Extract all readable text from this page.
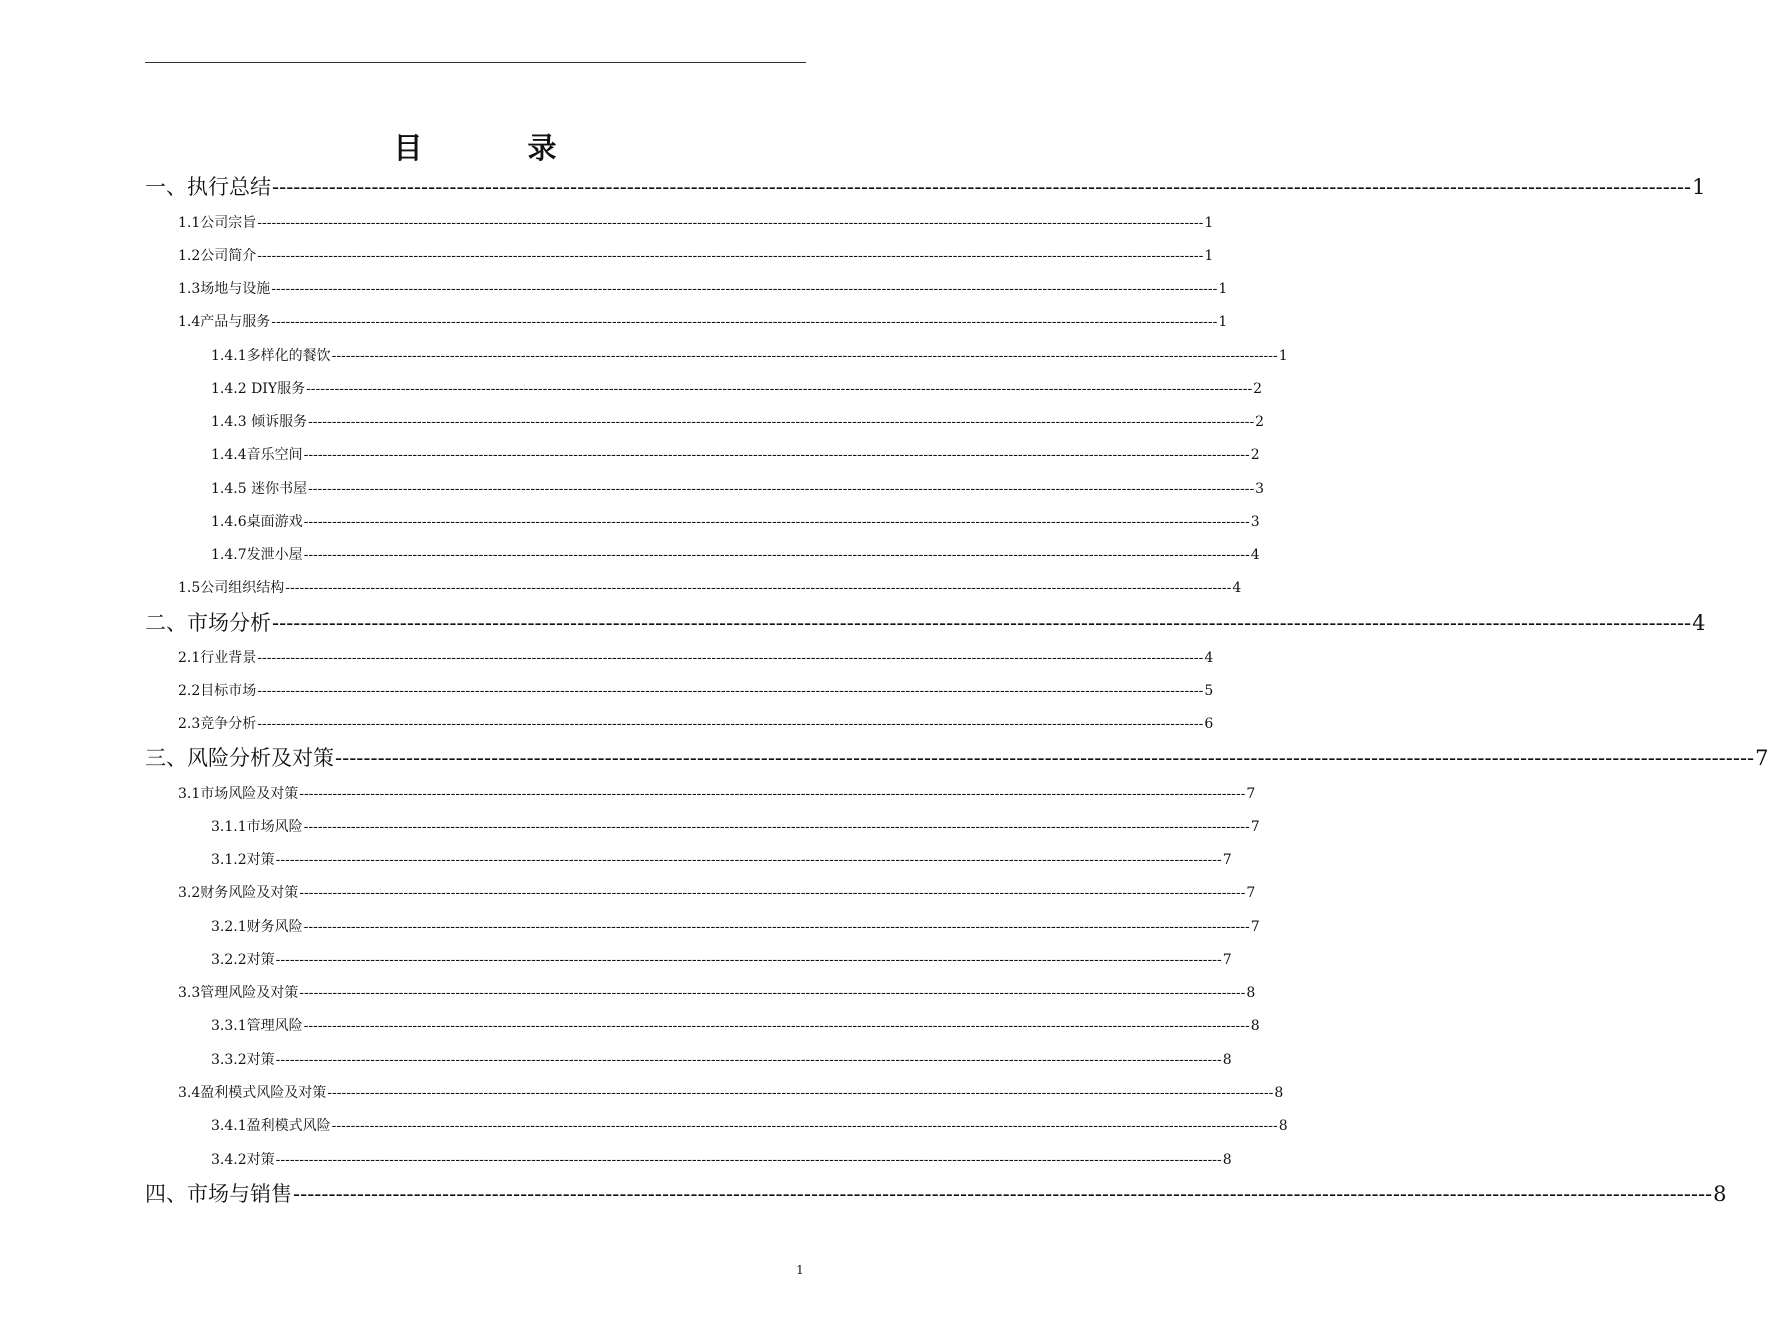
目　录
一、执行总结 -------------------------------------------------------------------------------------------------------------------------------------------------------------------------------------------------------- 1
1.1公司宗旨 -------------------------------------------------------------------------------------------------------------------------------------------------------------------------------------------------------- 1
1.2公司简介 -------------------------------------------------------------------------------------------------------------------------------------------------------------------------------------------------------- 1
1.3场地与设施 -------------------------------------------------------------------------------------------------------------------------------------------------------------------------------------------------------- 1
1.4产品与服务 -------------------------------------------------------------------------------------------------------------------------------------------------------------------------------------------------------- 1
1.4.1多样化的餐饮 -------------------------------------------------------------------------------------------------------------------------------------------------------------------------------------------------------- 1
1.4.2 DIY服务 -------------------------------------------------------------------------------------------------------------------------------------------------------------------------------------------------------- 2
1.4.3 倾诉服务 -------------------------------------------------------------------------------------------------------------------------------------------------------------------------------------------------------- 2
1.4.4音乐空间 -------------------------------------------------------------------------------------------------------------------------------------------------------------------------------------------------------- 2
1.4.5 迷你书屋 -------------------------------------------------------------------------------------------------------------------------------------------------------------------------------------------------------- 3
1.4.6桌面游戏 -------------------------------------------------------------------------------------------------------------------------------------------------------------------------------------------------------- 3
1.4.7发泄小屋 -------------------------------------------------------------------------------------------------------------------------------------------------------------------------------------------------------- 4
1.5公司组织结构 -------------------------------------------------------------------------------------------------------------------------------------------------------------------------------------------------------- 4
二、市场分析 -------------------------------------------------------------------------------------------------------------------------------------------------------------------------------------------------------- 4
2.1行业背景 -------------------------------------------------------------------------------------------------------------------------------------------------------------------------------------------------------- 4
2.2目标市场 -------------------------------------------------------------------------------------------------------------------------------------------------------------------------------------------------------- 5
2.3竞争分析 -------------------------------------------------------------------------------------------------------------------------------------------------------------------------------------------------------- 6
三、风险分析及对策 -------------------------------------------------------------------------------------------------------------------------------------------------------------------------------------------------------- 7
3.1市场风险及对策 -------------------------------------------------------------------------------------------------------------------------------------------------------------------------------------------------------- 7
3.1.1市场风险 -------------------------------------------------------------------------------------------------------------------------------------------------------------------------------------------------------- 7
3.1.2对策 -------------------------------------------------------------------------------------------------------------------------------------------------------------------------------------------------------- 7
3.2财务风险及对策 -------------------------------------------------------------------------------------------------------------------------------------------------------------------------------------------------------- 7
3.2.1财务风险 -------------------------------------------------------------------------------------------------------------------------------------------------------------------------------------------------------- 7
3.2.2对策 -------------------------------------------------------------------------------------------------------------------------------------------------------------------------------------------------------- 7
3.3管理风险及对策 -------------------------------------------------------------------------------------------------------------------------------------------------------------------------------------------------------- 8
3.3.1管理风险 -------------------------------------------------------------------------------------------------------------------------------------------------------------------------------------------------------- 8
3.3.2对策 -------------------------------------------------------------------------------------------------------------------------------------------------------------------------------------------------------- 8
3.4盈利模式风险及对策 -------------------------------------------------------------------------------------------------------------------------------------------------------------------------------------------------------- 8
3.4.1盈利模式风险 -------------------------------------------------------------------------------------------------------------------------------------------------------------------------------------------------------- 8
3.4.2对策 -------------------------------------------------------------------------------------------------------------------------------------------------------------------------------------------------------- 8
四、市场与销售 -------------------------------------------------------------------------------------------------------------------------------------------------------------------------------------------------------- 8
1
